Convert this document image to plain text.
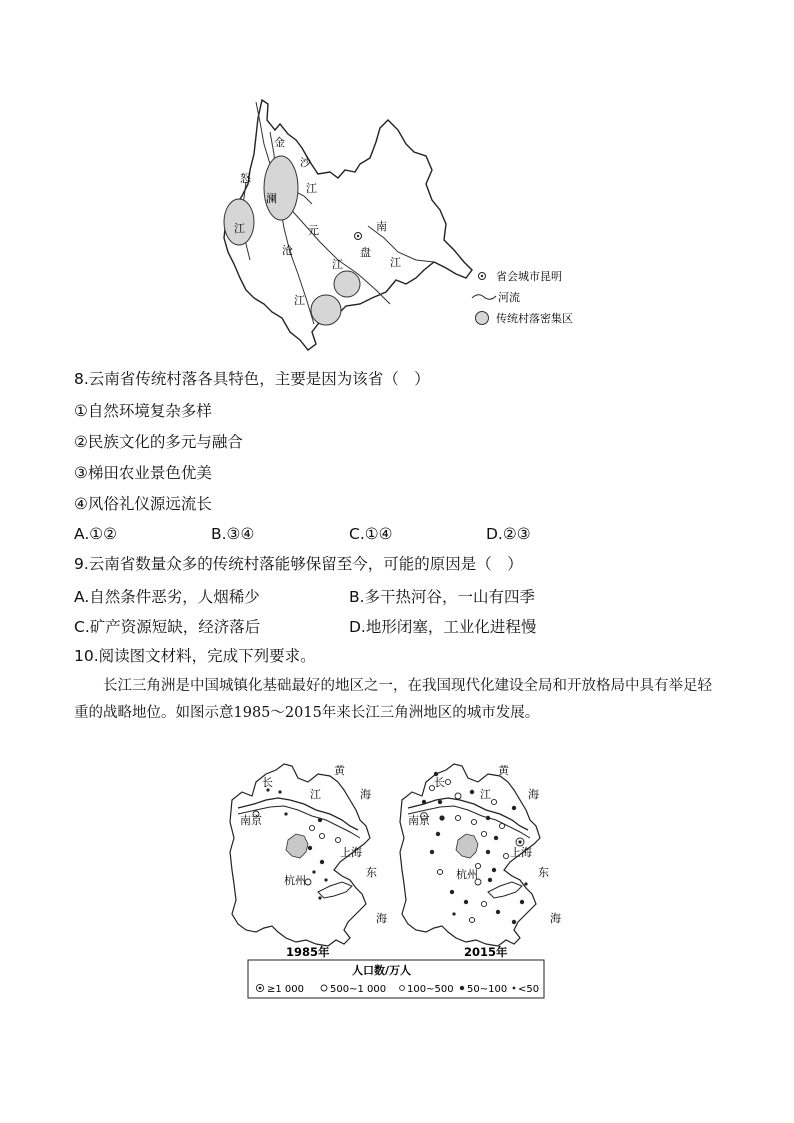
怒
江
澜
沧
江
金
沙
江
元
江
南
盘
江
省会城市昆明
河流
传统村落密集区
8.云南省传统村落各具特色，主要是因为该省（　）
①自然环境复杂多样
②民族文化的多元与融合
③梯田农业景色优美
④风俗礼仪源远流长
A.①②	B.③④	C.①④	D.②③
9.云南省数量众多的传统村落能够保留至今，可能的原因是（　）
A.自然条件恶劣，人烟稀少	B.多干热河谷，一山有四季
C.矿产资源短缺，经济落后	D.地形闭塞，工业化进程慢
10.阅读图文材料，完成下列要求。
长江三角洲是中国城镇化基础最好的地区之一，在我国现代化建设全局和开放格局中具有举足轻重的战略地位。如图示意1985～2015年来长江三角洲地区的城市发展。
长
江
黄
海
南京
上海
杭州
东
海
1985年
长
江
黄
海
南京
上海
杭州	东
海
2015年
人口数/万人
≥1 000	500~1 000 100~500 50~100 <50
